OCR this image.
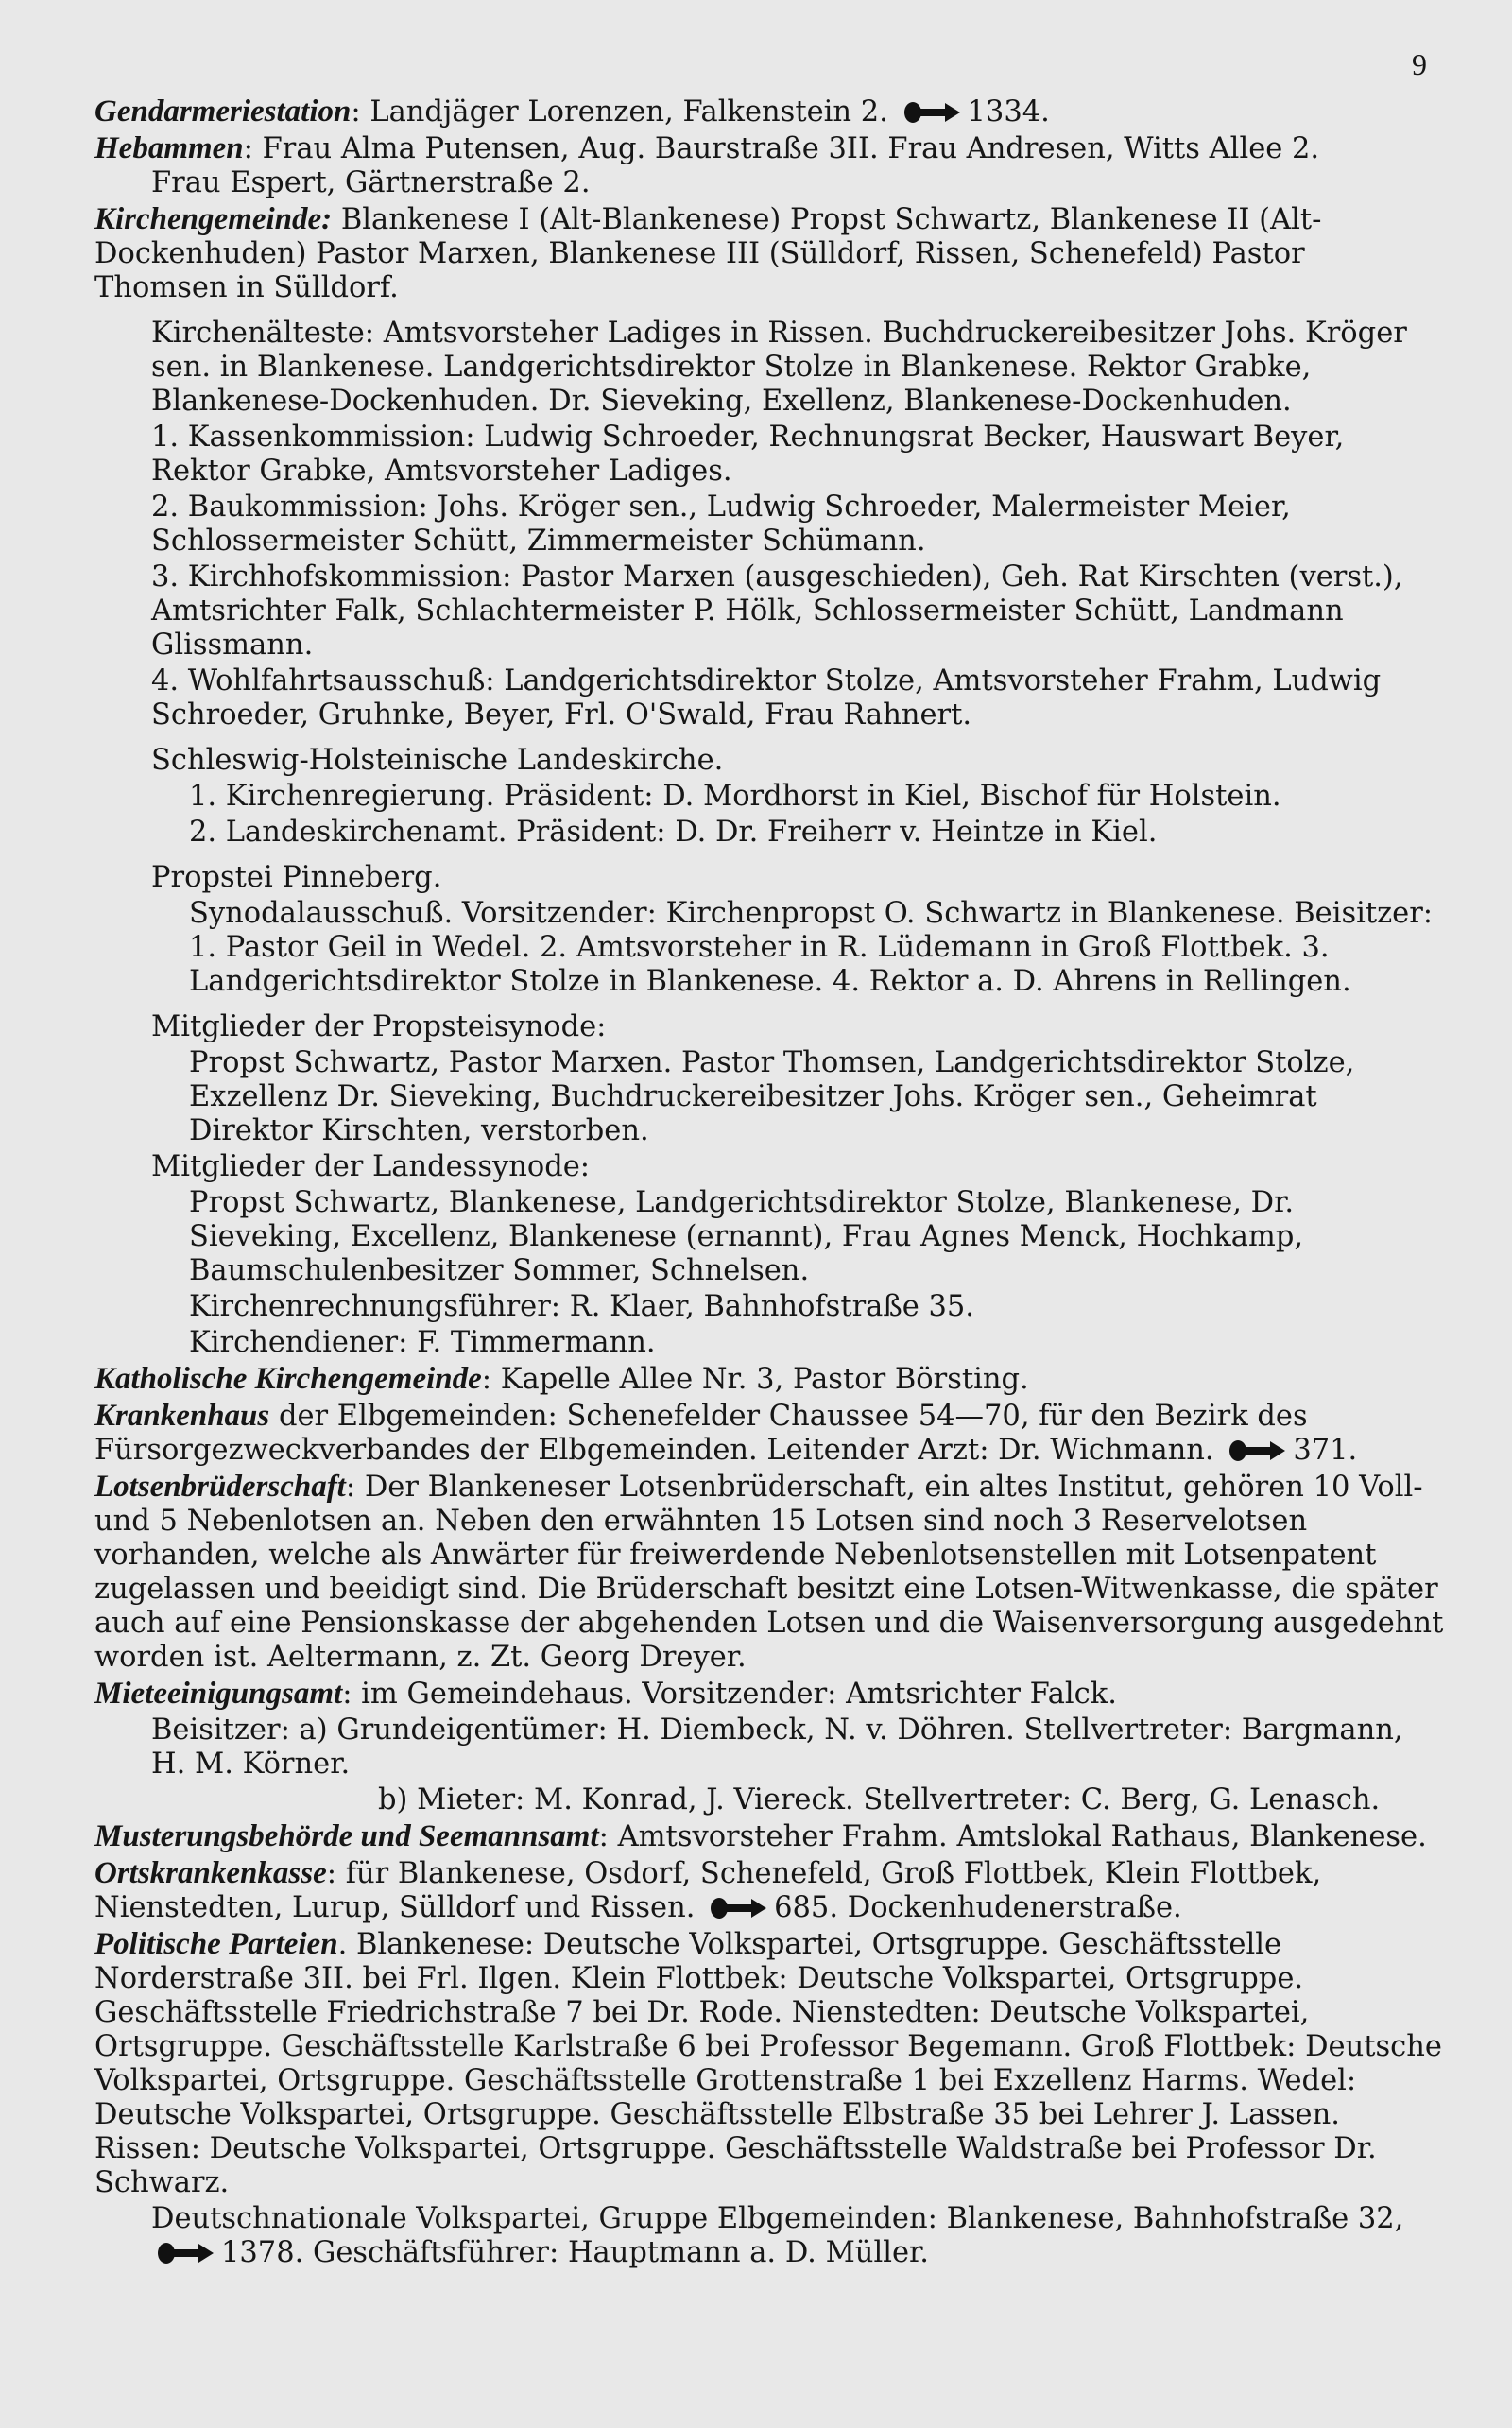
9
Gendarmeriestation: Landjäger Lorenzen, Falkenstein 2.	1334.
Hebammen: Frau Alma Putensen, Aug. Baurstraße 3II. Frau Andresen, Witts Allee 2.
Frau Espert, Gärtnerstraße 2.
Kirchengemeinde: Blankenese I (Alt-Blankenese) Propst Schwartz, Blankenese II (Alt-Dockenhuden) Pastor Marxen, Blankenese III (Sülldorf, Rissen, Schenefeld) Pastor Thomsen in Sülldorf.
Kirchenälteste: Amtsvorsteher Ladiges in Rissen. Buchdruckereibesitzer Johs. Kröger sen. in Blankenese. Landgerichtsdirektor Stolze in Blankenese. Rektor Grabke, Blankenese-Dockenhuden. Dr. Sieveking, Exellenz, Blankenese-Dockenhuden.
1. Kassenkommission: Ludwig Schroeder, Rechnungsrat Becker, Hauswart Beyer, Rektor Grabke, Amtsvorsteher Ladiges.
2. Baukommission: Johs. Kröger sen., Ludwig Schroeder, Malermeister Meier, Schlossermeister Schütt, Zimmermeister Schümann.
3. Kirchhofskommission: Pastor Marxen (ausgeschieden), Geh. Rat Kirschten (verst.), Amtsrichter Falk, Schlachtermeister P. Hölk, Schlossermeister Schütt, Landmann Glissmann.
4. Wohlfahrtsausschuß: Landgerichtsdirektor Stolze, Amtsvorsteher Frahm, Ludwig Schroeder, Gruhnke, Beyer, Frl. O'Swald, Frau Rahnert.
Schleswig-Holsteinische Landeskirche.
1. Kirchenregierung. Präsident: D. Mordhorst in Kiel, Bischof für Holstein.
2. Landeskirchenamt. Präsident: D. Dr. Freiherr v. Heintze in Kiel.
Propstei Pinneberg.
Synodalausschuß. Vorsitzender: Kirchenpropst O. Schwartz in Blankenese. Beisitzer: 1. Pastor Geil in Wedel. 2. Amtsvorsteher in R. Lüdemann in Groß Flottbek. 3. Landgerichtsdirektor Stolze in Blankenese. 4. Rektor a. D. Ahrens in Rellingen.
Mitglieder der Propsteisynode:
Propst Schwartz, Pastor Marxen. Pastor Thomsen, Landgerichtsdirektor Stolze, Exzellenz Dr. Sieveking, Buchdruckereibesitzer Johs. Kröger sen., Geheimrat Direktor Kirschten, verstorben.
Mitglieder der Landessynode:
Propst Schwartz, Blankenese, Landgerichtsdirektor Stolze, Blankenese, Dr. Sieveking, Excellenz, Blankenese (ernannt), Frau Agnes Menck, Hochkamp, Baumschulenbesitzer Sommer, Schnelsen.
Kirchenrechnungsführer: R. Klaer, Bahnhofstraße 35.
Kirchendiener: F. Timmermann.
Katholische Kirchengemeinde: Kapelle Allee Nr. 3, Pastor Börsting.
Krankenhaus der Elbgemeinden: Schenefelder Chaussee 54—70, für den Bezirk des Fürsorgezweckverbandes der Elbgemeinden. Leitender Arzt: Dr. Wichmann.	371.
Lotsenbrüderschaft: Der Blankeneser Lotsenbrüderschaft, ein altes Institut, gehören 10 Voll- und 5 Nebenlotsen an. Neben den erwähnten 15 Lotsen sind noch 3 Reservelotsen vorhanden, welche als Anwärter für freiwerdende Nebenlotsenstellen mit Lotsenpatent zugelassen und beeidigt sind. Die Brüderschaft besitzt eine Lotsen-Witwenkasse, die später auch auf eine Pensionskasse der abgehenden Lotsen und die Waisenversorgung ausgedehnt worden ist. Aeltermann, z. Zt. Georg Dreyer.
Mieteeinigungsamt: im Gemeindehaus. Vorsitzender: Amtsrichter Falck.
Beisitzer: a) Grundeigentümer: H. Diembeck, N. v. Döhren. Stellvertreter: Bargmann, H. M. Körner.
b) Mieter: M. Konrad, J. Viereck. Stellvertreter: C. Berg, G. Lenasch.
Musterungsbehörde und Seemannsamt: Amtsvorsteher Frahm. Amtslokal Rathaus, Blankenese.
Ortskrankenkasse: für Blankenese, Osdorf, Schenefeld, Groß Flottbek, Klein Flottbek, Nienstedten, Lurup, Sülldorf und Rissen.	685. Dockenhudenerstraße.
Politische Parteien. Blankenese: Deutsche Volkspartei, Ortsgruppe. Geschäftsstelle Norderstraße 3II. bei Frl. Ilgen. Klein Flottbek: Deutsche Volkspartei, Ortsgruppe. Geschäftsstelle Friedrichstraße 7 bei Dr. Rode. Nienstedten: Deutsche Volkspartei, Ortsgruppe. Geschäftsstelle Karlstraße 6 bei Professor Begemann. Groß Flottbek: Deutsche Volkspartei, Ortsgruppe. Geschäftsstelle Grottenstraße 1 bei Exzellenz Harms. Wedel: Deutsche Volkspartei, Ortsgruppe. Geschäftsstelle Elbstraße 35 bei Lehrer J. Lassen. Rissen: Deutsche Volkspartei, Ortsgruppe. Geschäftsstelle Waldstraße bei Professor Dr. Schwarz.
Deutschnationale Volkspartei, Gruppe Elbgemeinden: Blankenese, Bahnhofstraße 32,
1378. Geschäftsführer: Hauptmann a. D. Müller.
